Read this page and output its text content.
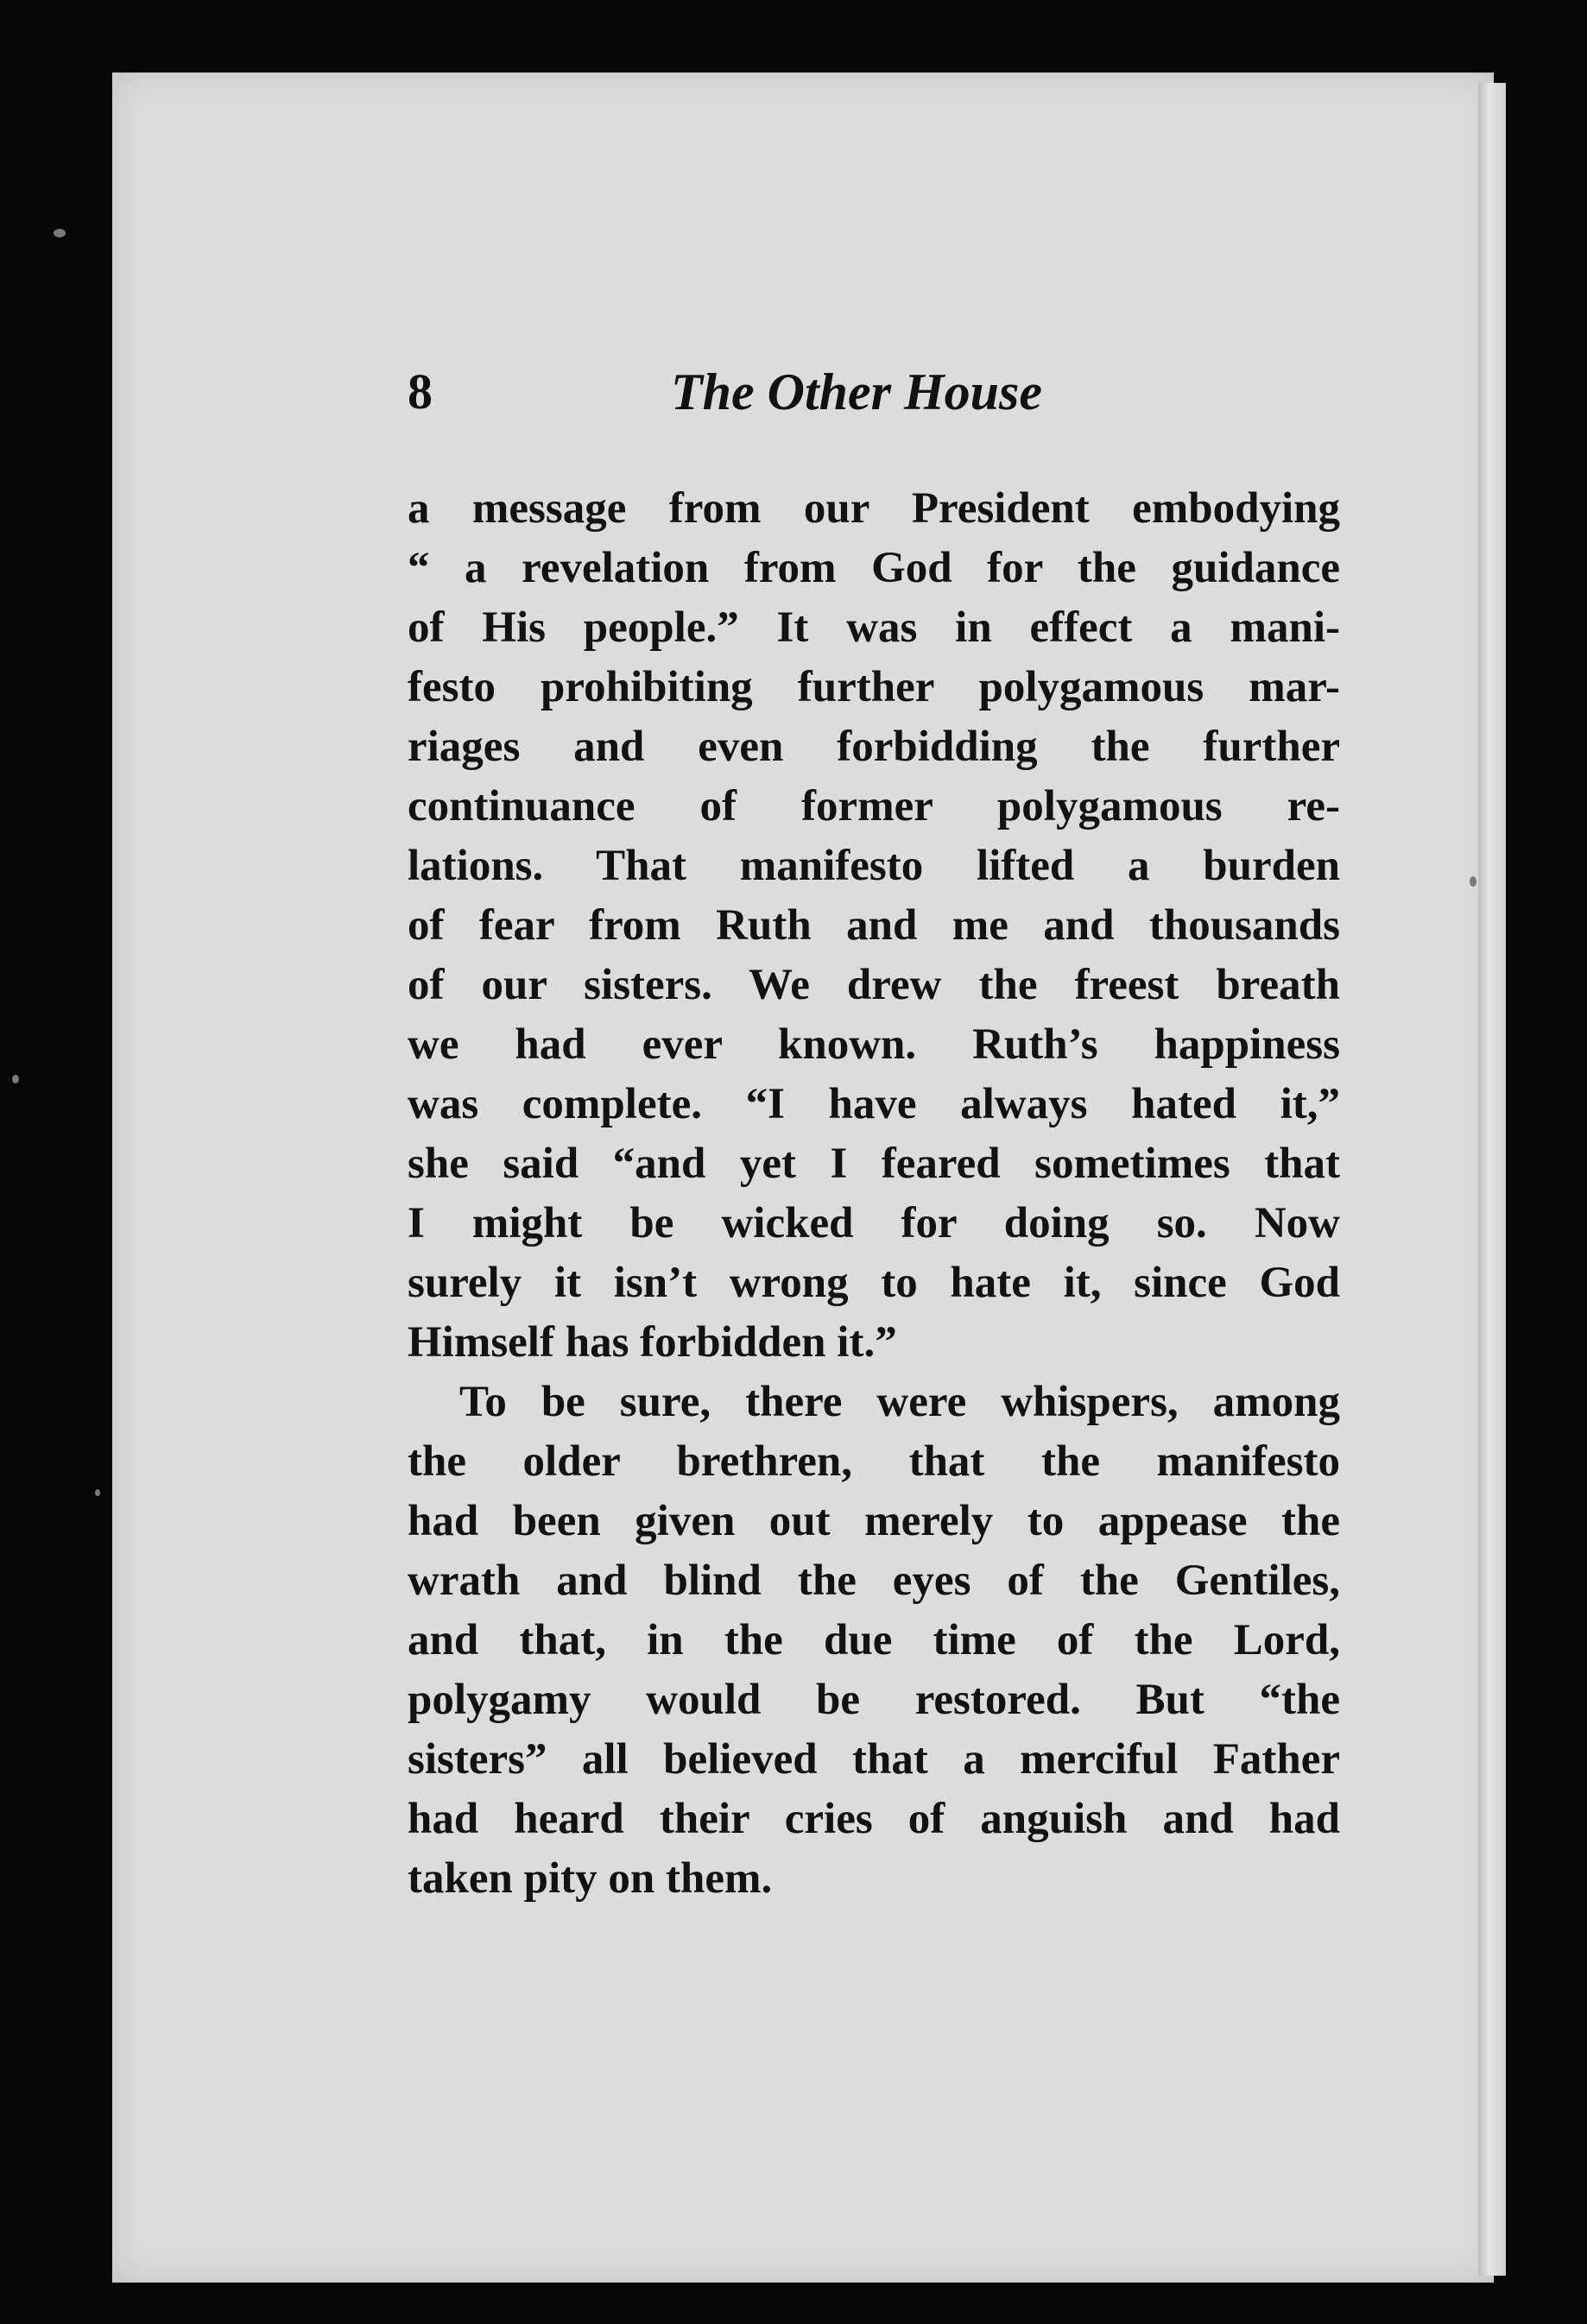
8	The Other House
a message from our President embodying
“ a revelation from God for the guidance
of His people.” It was in effect a mani-
festo prohibiting further polygamous mar-
riages and even forbidding the further
continuance of former polygamous re-
lations. That manifesto lifted a burden
of fear from Ruth and me and thousands
of our sisters. We drew the freest breath
we had ever known. Ruth’s happiness
was complete. “I have always hated it,”
she said “and yet I feared sometimes that
I might be wicked for doing so. Now
surely it isn’t wrong to hate it, since God
Himself has forbidden it.”
To be sure, there were whispers, among
the older brethren, that the manifesto
had been given out merely to appease the
wrath and blind the eyes of the Gentiles,
and that, in the due time of the Lord,
polygamy would be restored. But “the
sisters” all believed that a merciful Father
had heard their cries of anguish and had
taken pity on them.
